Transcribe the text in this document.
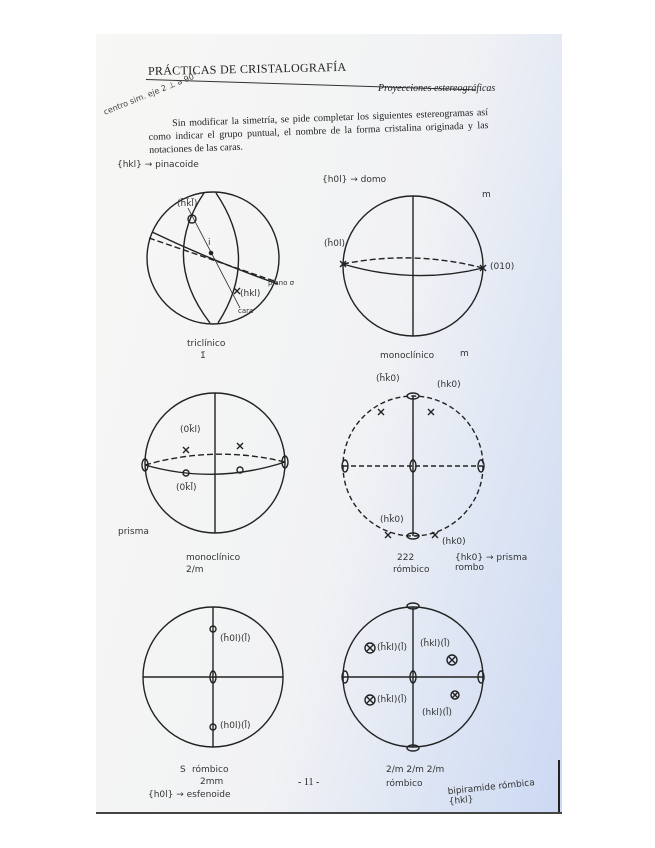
PRÁCTICAS DE CRISTALOGRAFÍA
Proyecciones estereográficas
centro sim. eje 2 ⊥ a 90°
Sin modificar la simetría, se pide completar los siguientes estereogramas así como indicar el grupo puntual, el nombre de la forma cristalina originada y las notaciones de las caras.
{hkl} → pinacoide
(h̄k̄l̄)
i
(hkl)
plano σ
cara
triclínico
1̄
{h0l} → domo
m
(h̄0l)
(010)
monoclínico	m
(0k̄l)
(0k̄l̄)
prisma
monoclínico
2/m
(h̄k̄0)
(hk0)
(hk̄0)
(hk0)
222
rómbico
{hk0} → prisma rombo
(h̄0l)(l̄)
(h0l)(l̄)
S rómbico
2mm
{h0l} → esfenoide
(h̄k̄l)(l̄) (h̄kl)(l̄)
(hk̄l)(l̄)
(hkl)(l̄)
2/m 2/m 2/m
rómbico	bipiramide rómbica {hkl}
- 11 -
